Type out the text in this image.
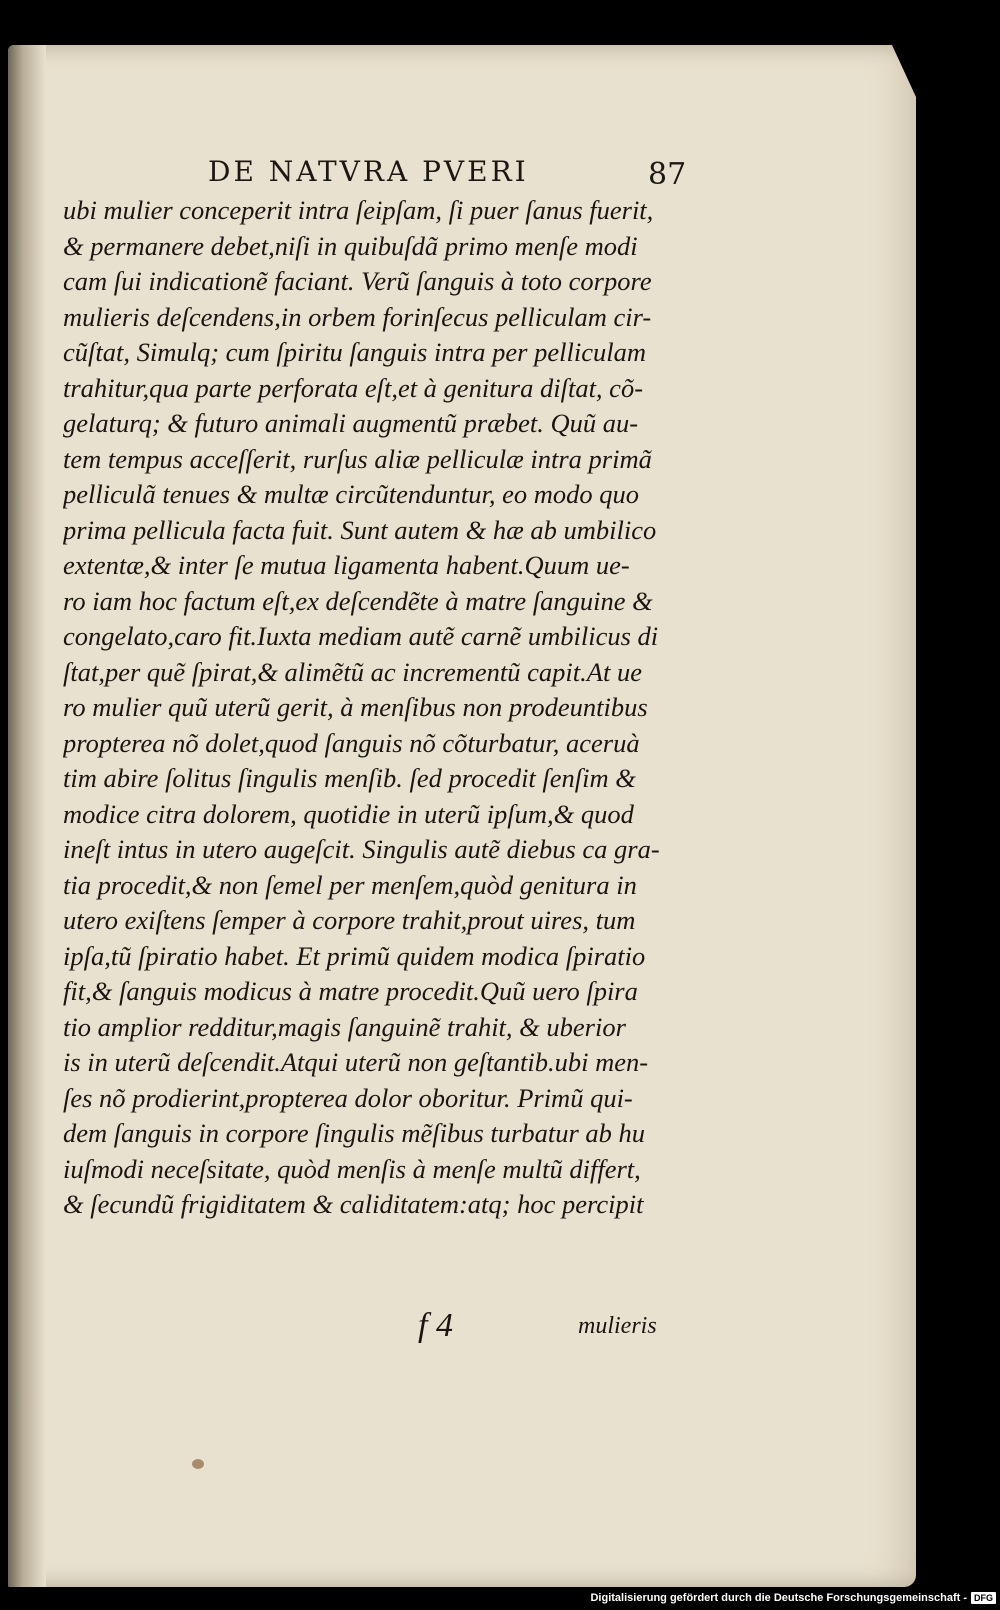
DE NATVRA PVERI	87
ubi mulier conceperit intra ſeipſam, ſi puer ſanus fuerit,
& permanere debet,niſi in quibuſdã primo menſe modi
cam ſui indicationẽ faciant. Verũ ſanguis à toto corpore
mulieris deſcendens,in orbem forinſecus pelliculam cir-
cũſtat, Simulq; cum ſpiritu ſanguis intra per pelliculam
trahitur,qua parte perforata eſt,et à genitura diſtat, cõ-
gelaturq; & futuro animali augmentũ præbet. Quũ au-
tem tempus acceſſerit, rurſus aliæ pelliculæ intra primã
pelliculã tenues & multæ circũtenduntur, eo modo quo
prima pellicula facta fuit. Sunt autem & hæ ab umbilico
extentæ,& inter ſe mutua ligamenta habent.Quum ue-
ro iam hoc factum eſt,ex deſcendẽte à matre ſanguine &
congelato,caro fit.Iuxta mediam autẽ carnẽ umbilicus di
ſtat,per quẽ ſpirat,& alimẽtũ ac incrementũ capit.At ue
ro mulier quũ uterũ gerit, à menſibus non prodeuntibus
propterea nõ dolet,quod ſanguis nõ cõturbatur, aceruà
tim abire ſolitus ſingulis menſib. ſed procedit ſenſim &
modice citra dolorem, quotidie in uterũ ipſum,& quod
ineſt intus in utero augeſcit. Singulis autẽ diebus ca gra-
tia procedit,& non ſemel per menſem,quòd genitura in
utero exiſtens ſemper à corpore trahit,prout uires, tum
ipſa,tũ ſpiratio habet. Et primũ quidem modica ſpiratio
fit,& ſanguis modicus à matre procedit.Quũ uero ſpira
tio amplior redditur,magis ſanguinẽ trahit, & uberior
is in uterũ deſcendit.Atqui uterũ non geſtantib.ubi men-
ſes nõ prodierint,propterea dolor oboritur. Primũ qui-
dem ſanguis in corpore ſingulis mẽſibus turbatur ab hu
iuſmodi neceſsitate, quòd menſis à menſe multũ differt,
& ſecundũ frigiditatem & caliditatem:atq; hoc percipit
f 4	mulieris
Digitalisierung gefördert durch die Deutsche Forschungsgemeinschaft - DFG
